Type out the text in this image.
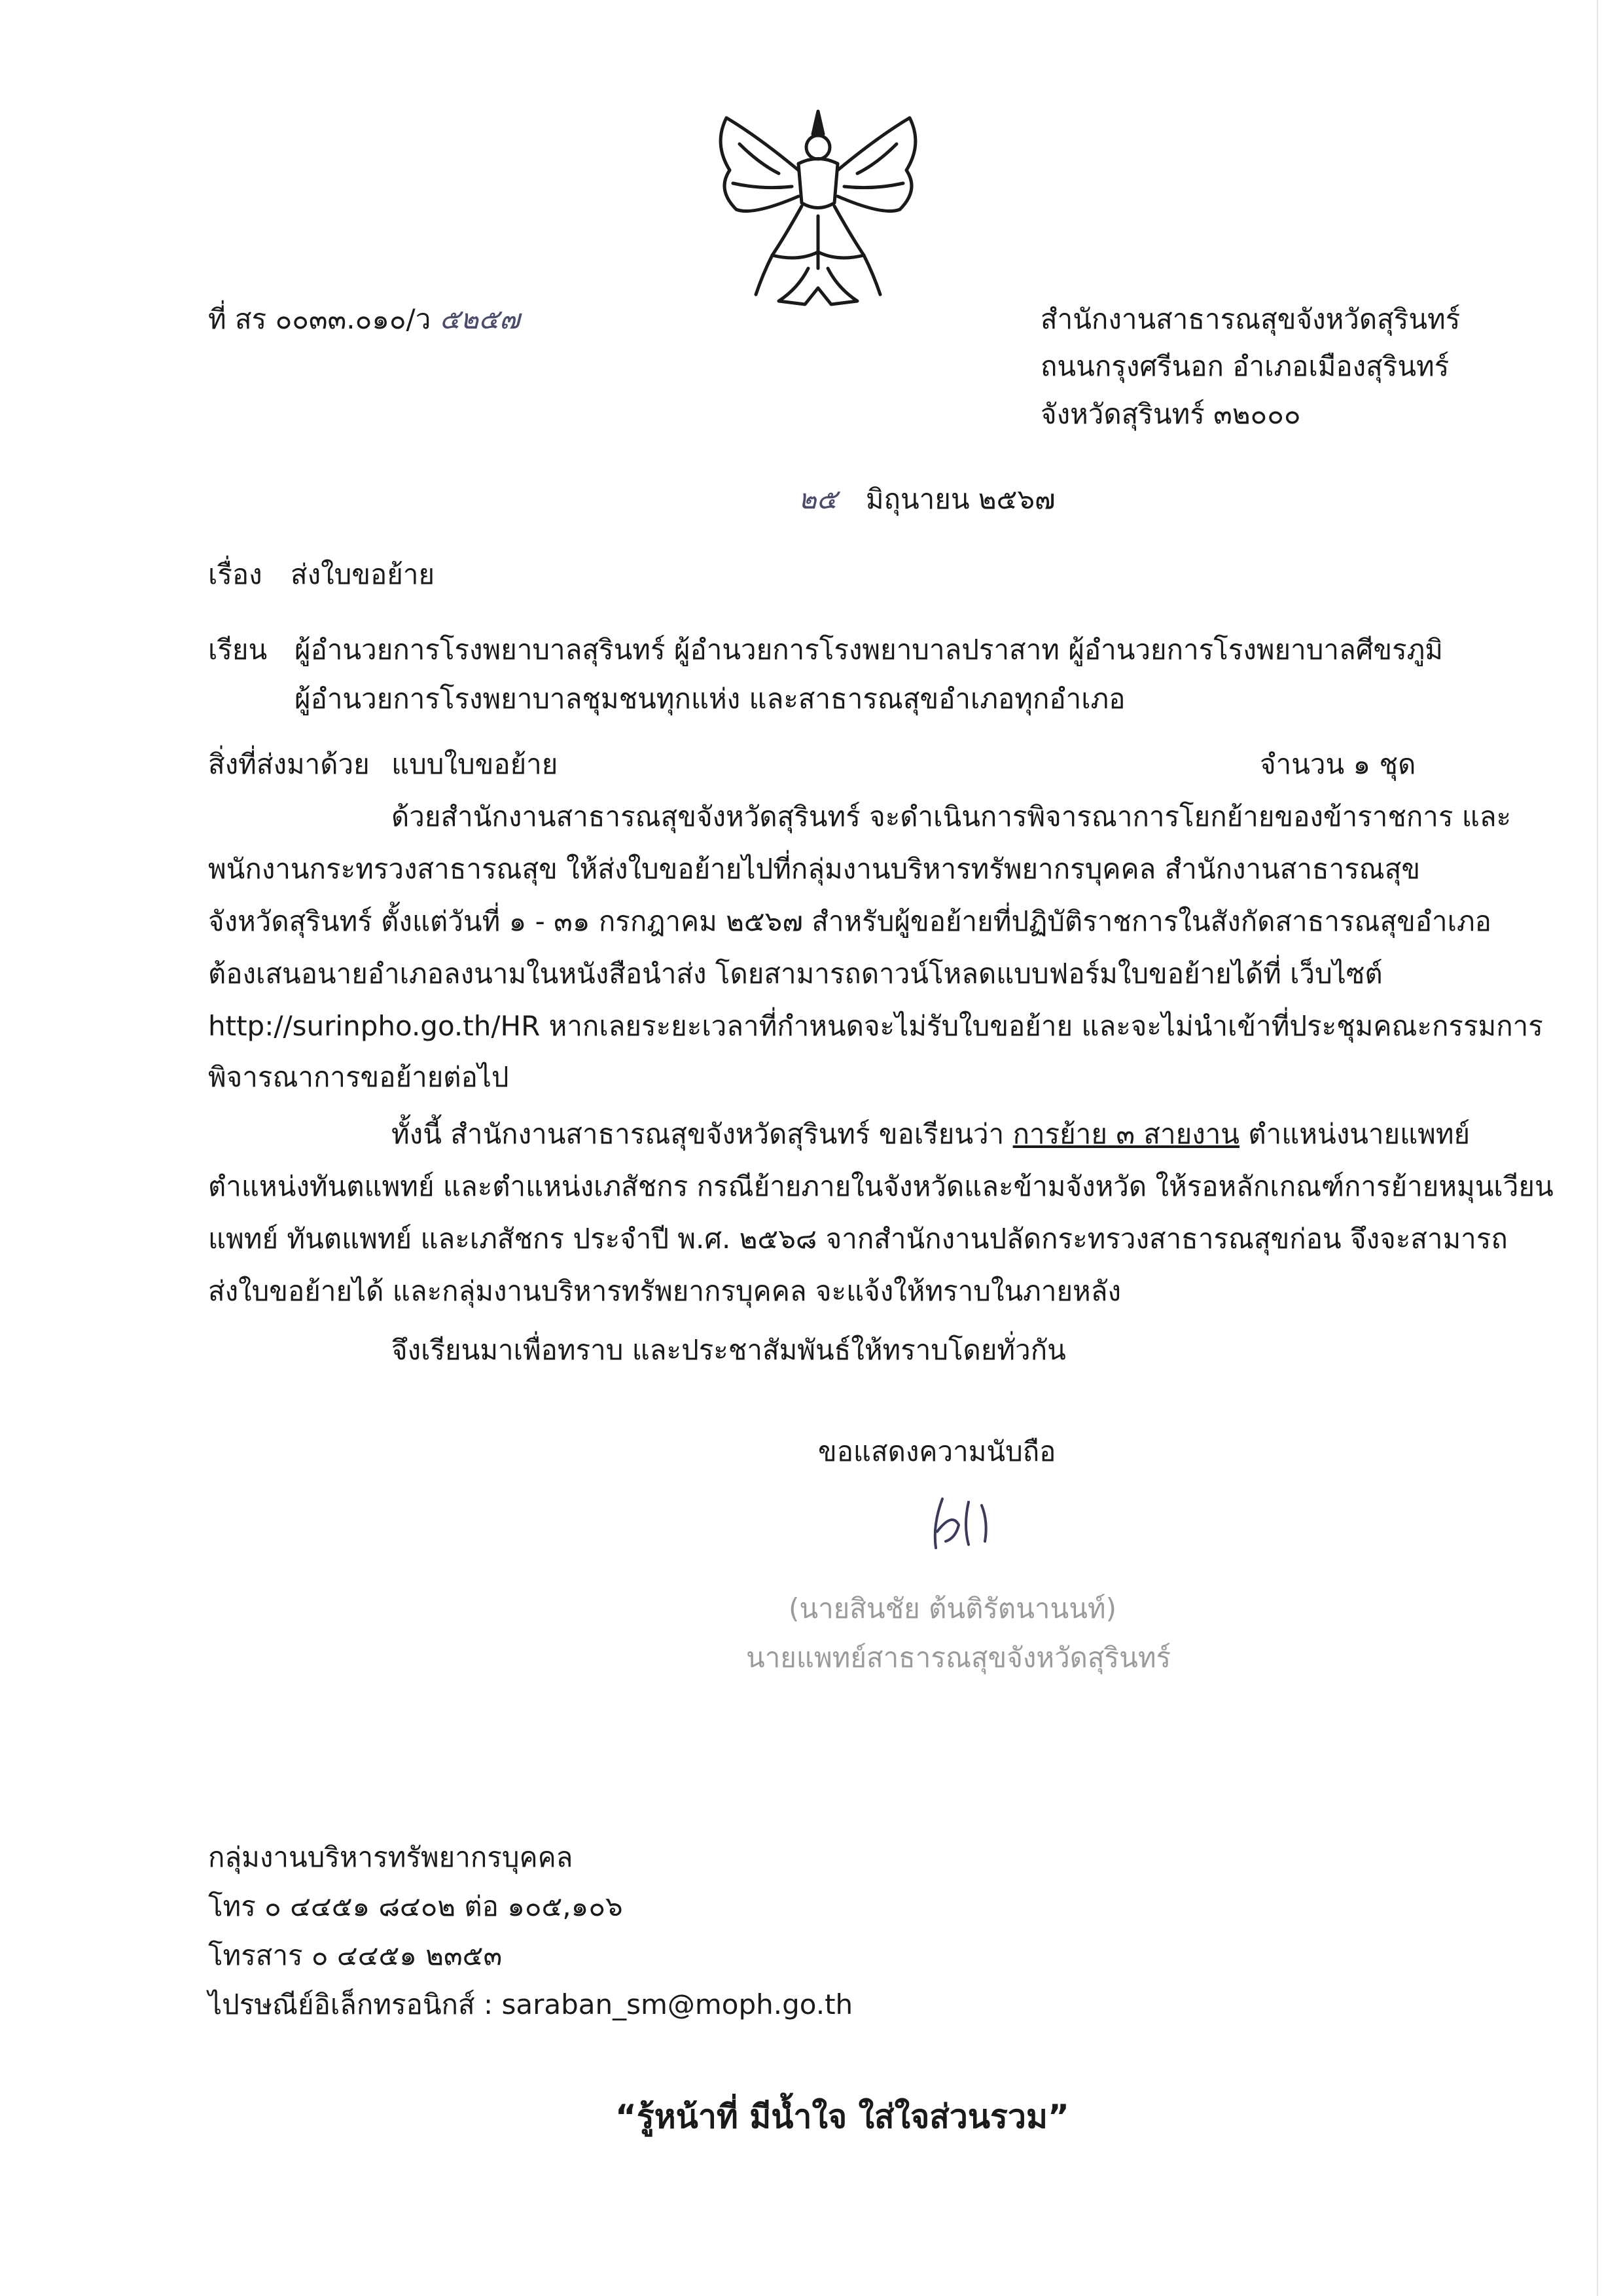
ที่ สร ๐๐๓๓.๐๑๐/ว ๕๒๕๗	สำนักงานสาธารณสุขจังหวัดสุรินทร์
ถนนกรุงศรีนอก อำเภอเมืองสุรินทร์
จังหวัดสุรินทร์ ๓๒๐๐๐
๒๕ มิถุนายน ๒๕๖๗
เรื่อง ส่งใบขอย้าย
เรียน ผู้อำนวยการโรงพยาบาลสุรินทร์ ผู้อำนวยการโรงพยาบาลปราสาท ผู้อำนวยการโรงพยาบาลศีขรภูมิ
ผู้อำนวยการโรงพยาบาลชุมชนทุกแห่ง และสาธารณสุขอำเภอทุกอำเภอ
สิ่งที่ส่งมาด้วย แบบใบขอย้าย	จำนวน ๑ ชุด
ด้วยสำนักงานสาธารณสุขจังหวัดสุรินทร์ จะดำเนินการพิจารณาการโยกย้ายของข้าราชการ และ
พนักงานกระทรวงสาธารณสุข ให้ส่งใบขอย้ายไปที่กลุ่มงานบริหารทรัพยากรบุคคล สำนักงานสาธารณสุข
จังหวัดสุรินทร์ ตั้งแต่วันที่ ๑ - ๓๑ กรกฎาคม ๒๕๖๗ สำหรับผู้ขอย้ายที่ปฏิบัติราชการในสังกัดสาธารณสุขอำเภอ
ต้องเสนอนายอำเภอลงนามในหนังสือนำส่ง โดยสามารถดาวน์โหลดแบบฟอร์มใบขอย้ายได้ที่ เว็บไซต์
http://surinpho.go.th/HR หากเลยระยะเวลาที่กำหนดจะไม่รับใบขอย้าย และจะไม่นำเข้าที่ประชุมคณะกรรมการ
พิจารณาการขอย้ายต่อไป
ทั้งนี้ สำนักงานสาธารณสุขจังหวัดสุรินทร์ ขอเรียนว่า การย้าย ๓ สายงาน ตำแหน่งนายแพทย์
ตำแหน่งทันตแพทย์ และตำแหน่งเภสัชกร กรณีย้ายภายในจังหวัดและข้ามจังหวัด ให้รอหลักเกณฑ์การย้ายหมุนเวียน
แพทย์ ทันตแพทย์ และเภสัชกร ประจำปี พ.ศ. ๒๕๖๘ จากสำนักงานปลัดกระทรวงสาธารณสุขก่อน จึงจะสามารถ
ส่งใบขอย้ายได้ และกลุ่มงานบริหารทรัพยากรบุคคล จะแจ้งให้ทราบในภายหลัง
จึงเรียนมาเพื่อทราบ และประชาสัมพันธ์ให้ทราบโดยทั่วกัน
ขอแสดงความนับถือ
(นายสินชัย ต้นติรัตนานนท์)
นายแพทย์สาธารณสุขจังหวัดสุรินทร์
กลุ่มงานบริหารทรัพยากรบุคคล
โทร ๐ ๔๔๕๑ ๘๔๐๒ ต่อ ๑๐๕,๑๐๖
โทรสาร ๐ ๔๔๕๑ ๒๓๕๓
ไปรษณีย์อิเล็กทรอนิกส์ : saraban_sm@moph.go.th
“รู้หน้าที่ มีน้ำใจ ใส่ใจส่วนรวม”
